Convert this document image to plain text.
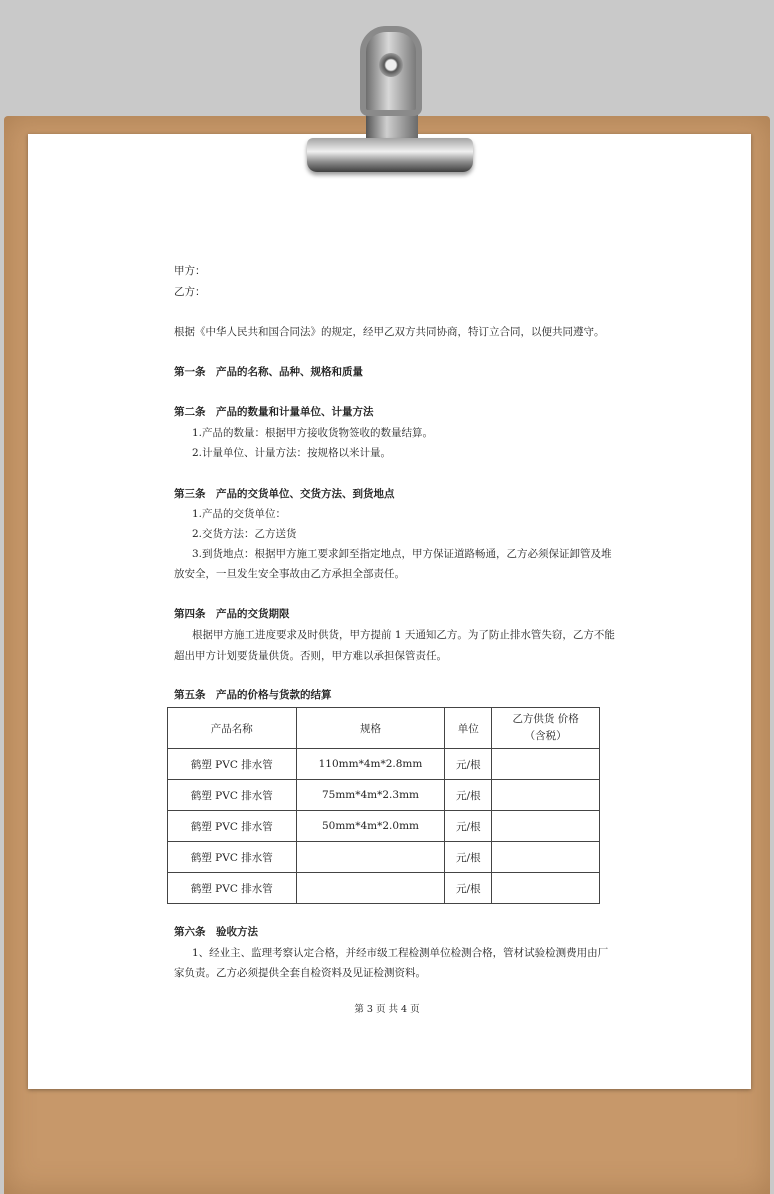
甲方：
乙方：
根据《中华人民共和国合同法》的规定，经甲乙双方共同协商，特订立合同，以便共同遵守。
第一条　产品的名称、品种、规格和质量
第二条　产品的数量和计量单位、计量方法
1.产品的数量：根据甲方接收货物签收的数量结算。
2.计量单位、计量方法：按规格以米计量。
第三条　产品的交货单位、交货方法、到货地点
1.产品的交货单位：
2.交货方法：乙方送货
3.到货地点：根据甲方施工要求卸至指定地点，甲方保证道路畅通，乙方必须保证卸管及堆
放安全，一旦发生安全事故由乙方承担全部责任。
第四条　产品的交货期限
根据甲方施工进度要求及时供货，甲方提前 1 天通知乙方。为了防止排水管失窃，乙方不能
超出甲方计划要货量供货。否则，甲方难以承担保管责任。
第五条　产品的价格与货款的结算
产品名称	规格	单位	乙方供货 价格（含税）
鹤塑 PVC 排水管	110mm*4m*2.8mm	元/根	
鹤塑 PVC 排水管	75mm*4m*2.3mm	元/根	
鹤塑 PVC 排水管	50mm*4m*2.0mm	元/根	
鹤塑 PVC 排水管		元/根	
鹤塑 PVC 排水管		元/根	
第六条　验收方法
1、经业主、监理考察认定合格，并经市级工程检测单位检测合格，管材试验检测费用由厂
家负责。乙方必须提供全套自检资料及见证检测资料。
第 3 页 共 4 页
